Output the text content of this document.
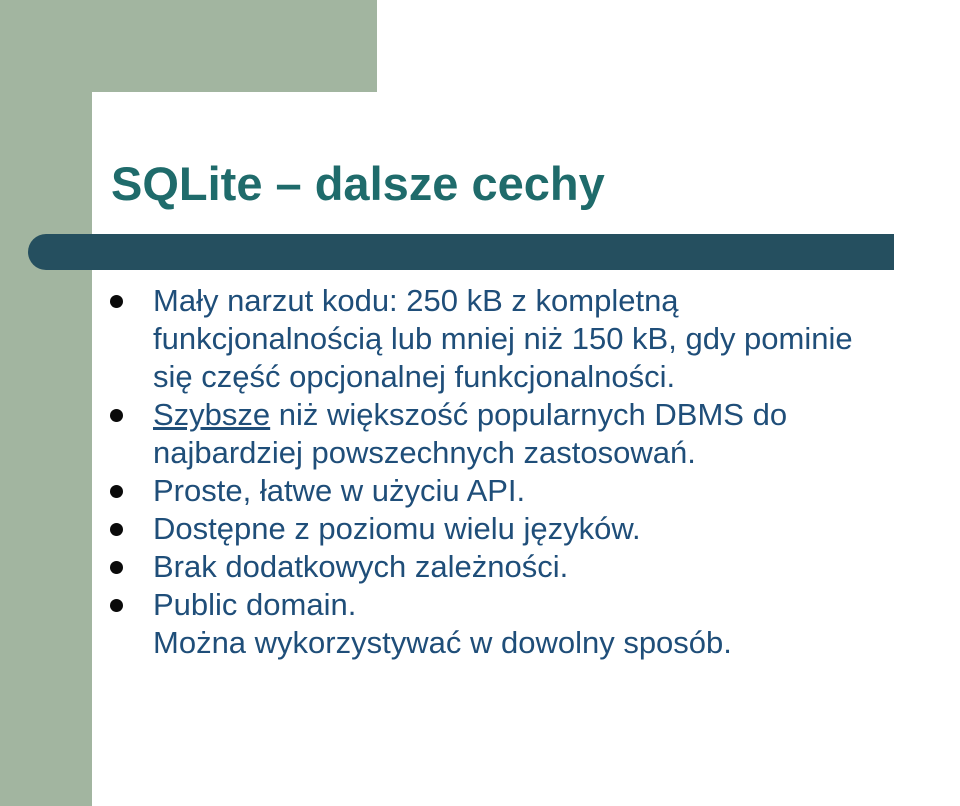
SQLite – dalsze cechy
Mały narzut kodu: 250 kB z kompletną
funkcjonalnością lub mniej niż 150 kB, gdy pominie
się część opcjonalnej funkcjonalności.
Szybsze niż większość popularnych DBMS do
najbardziej powszechnych zastosowań.
Proste, łatwe w użyciu API.
Dostępne z poziomu wielu języków.
Brak dodatkowych zależności.
Public domain.
Można wykorzystywać w dowolny sposób.
